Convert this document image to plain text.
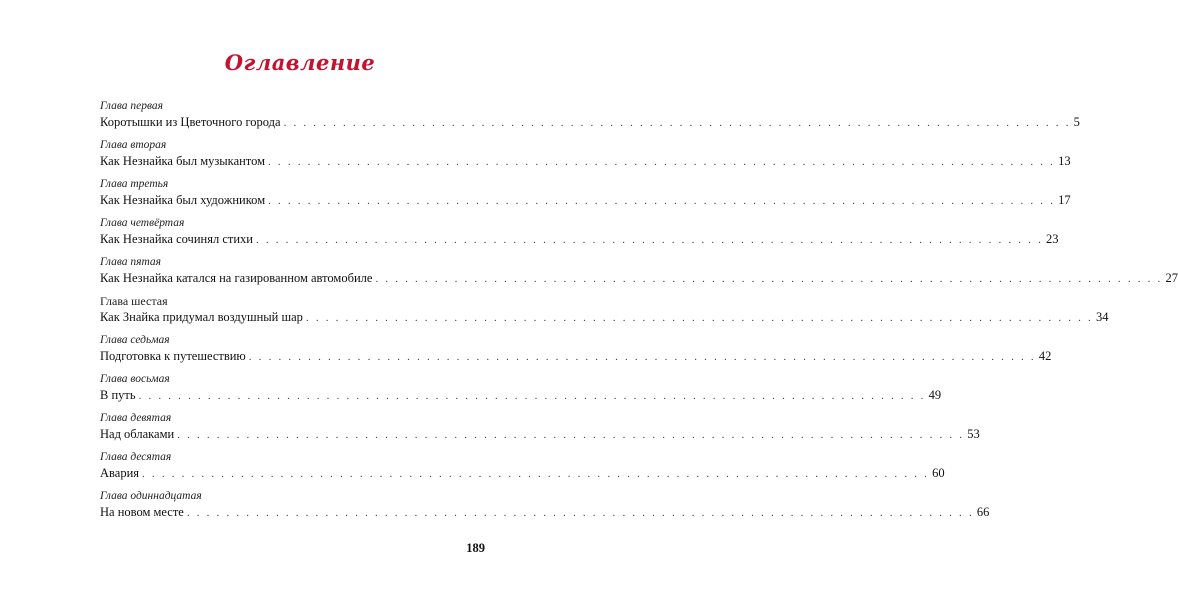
Оглавление
Глава первая
Коротышки из Цветочного города . . . . . . . . . . . . . . . . . . . . . . . . . . . . . . . . . . . . . . . . . . . . . . . . . . . . . . . . . . . . . . . . . . . . . . . . . . . . . . . . 5
Глава вторая
Как Незнайка был музыкантом . . . . . . . . . . . . . . . . . . . . . . . . . . . . . . . . . . . . . . . . . . . . . . . . . . . . . . . . . . . . . . . . . . . . . . . . . . . . . . . . 13
Глава третья
Как Незнайка был художником . . . . . . . . . . . . . . . . . . . . . . . . . . . . . . . . . . . . . . . . . . . . . . . . . . . . . . . . . . . . . . . . . . . . . . . . . . . . . . . . 17
Глава четвёртая
Как Незнайка сочинял стихи . . . . . . . . . . . . . . . . . . . . . . . . . . . . . . . . . . . . . . . . . . . . . . . . . . . . . . . . . . . . . . . . . . . . . . . . . . . . . . . . 23
Глава пятая
Как Незнайка катался на газированном автомобиле . . . . . . . . . . . . . . . . . . . . . . . . . . . . . . . . . . . . . . . . . . . . . . . . . . . . . . . . . . . . . . . . . . . . . . . . . . . . . . . . 27
Глава шестая
Как Знайка придумал воздушный шар . . . . . . . . . . . . . . . . . . . . . . . . . . . . . . . . . . . . . . . . . . . . . . . . . . . . . . . . . . . . . . . . . . . . . . . . . . . . . . . . 34
Глава седьмая
Подготовка к путешествию . . . . . . . . . . . . . . . . . . . . . . . . . . . . . . . . . . . . . . . . . . . . . . . . . . . . . . . . . . . . . . . . . . . . . . . . . . . . . . . . 42
Глава восьмая
В путь . . . . . . . . . . . . . . . . . . . . . . . . . . . . . . . . . . . . . . . . . . . . . . . . . . . . . . . . . . . . . . . . . . . . . . . . . . . . . . . . 49
Глава девятая
Над облаками . . . . . . . . . . . . . . . . . . . . . . . . . . . . . . . . . . . . . . . . . . . . . . . . . . . . . . . . . . . . . . . . . . . . . . . . . . . . . . . . 53
Глава десятая
Авария . . . . . . . . . . . . . . . . . . . . . . . . . . . . . . . . . . . . . . . . . . . . . . . . . . . . . . . . . . . . . . . . . . . . . . . . . . . . . . . . 60
Глава одиннадцатая
На новом месте . . . . . . . . . . . . . . . . . . . . . . . . . . . . . . . . . . . . . . . . . . . . . . . . . . . . . . . . . . . . . . . . . . . . . . . . . . . . . . . . 66
189
